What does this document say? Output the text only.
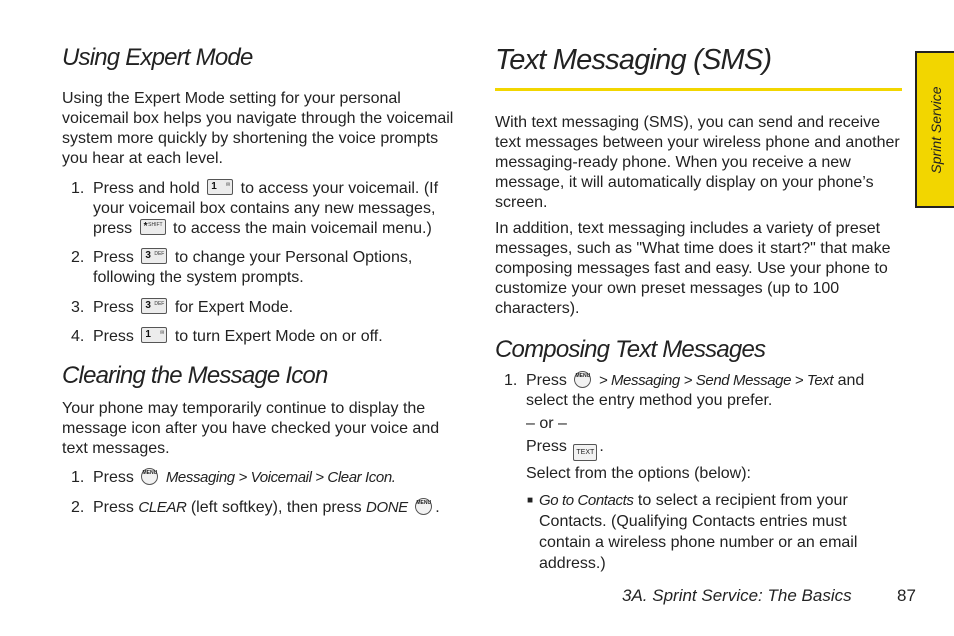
Using Expert Mode

Using the Expert Mode setting for your personal voicemail box helps you navigate through the voicemail system more quickly by shortening the voice prompts you hear at each level.

1. Press and hold 1 ✉ to access your voicemail. (If your voicemail box contains any new messages, press * SHIFT to access the main voicemail menu.)
2. Press 3 DEF to change your Personal Options, following the system prompts.
3. Press 3 DEF for Expert Mode.
4. Press 1 ✉ to turn Expert Mode on or off.
Clearing the Message Icon

Your phone may temporarily continue to display the message icon after you have checked your voice and text messages.

1. Press MENU Messaging > Voicemail > Clear Icon.
2. Press CLEAR (left softkey), then press DONE MENU .
Text Messaging (SMS)

With text messaging (SMS), you can send and receive text messages between your wireless phone and another messaging-ready phone. When you receive a new message, it will automatically display on your phone’s screen.

In addition, text messaging includes a variety of preset messages, such as "What time does it start?" that make composing messages fast and easy. Use your phone to customize your own preset messages (up to 100 characters).

Composing Text Messages
1. Press MENU > Messaging > Send Message > Text and select the entry method you prefer.
– or –
Press TEXT .
Select from the options (below):
■ Go to Contacts to select a recipient from your Contacts. (Qualifying Contacts entries must contain a wireless phone number or an email address.)
Sprint Service
3A. Sprint Service: The Basics	87
